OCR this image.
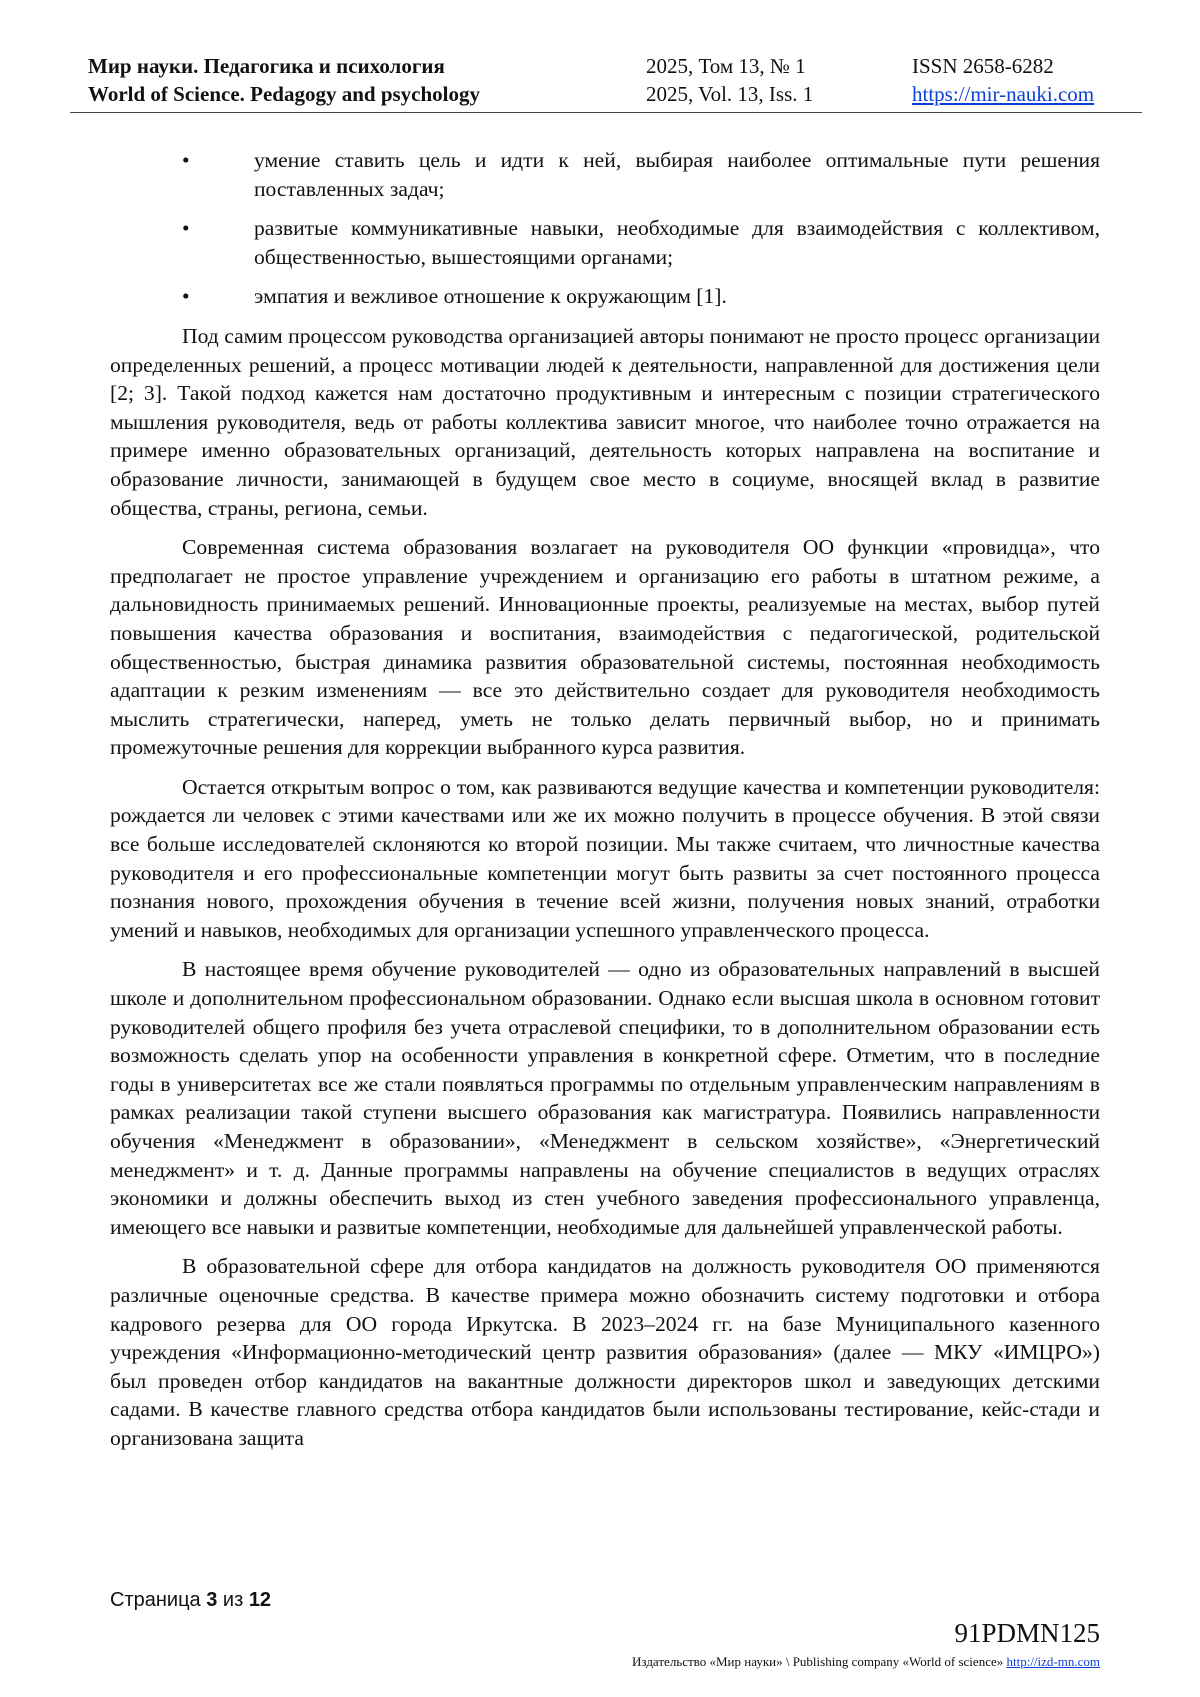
Мир науки. Педагогика и психология
World of Science. Pedagogy and psychology
2025, Том 13, № 1
2025, Vol. 13, Iss. 1
ISSN 2658-6282
https://mir-nauki.com
•	умение ставить цель и идти к ней, выбирая наиболее оптимальные пути решения поставленных задач;
•	развитые коммуникативные навыки, необходимые для взаимодействия с коллективом, общественностью, вышестоящими органами;
•	эмпатия и вежливое отношение к окружающим [1].

Под самим процессом руководства организацией авторы понимают не просто процесс организации определенных решений, а процесс мотивации людей к деятельности, направленной для достижения цели [2; 3]. Такой подход кажется нам достаточно продуктивным и интересным с позиции стратегического мышления руководителя, ведь от работы коллектива зависит многое, что наиболее точно отражается на примере именно образовательных организаций, деятельность которых направлена на воспитание и образование личности, занимающей в будущем свое место в социуме, вносящей вклад в развитие общества, страны, региона, семьи.

Современная система образования возлагает на руководителя ОО функции «провидца», что предполагает не простое управление учреждением и организацию его работы в штатном режиме, а дальновидность принимаемых решений. Инновационные проекты, реализуемые на местах, выбор путей повышения качества образования и воспитания, взаимодействия с педагогической, родительской общественностью, быстрая динамика развития образовательной системы, постоянная необходимость адаптации к резким изменениям — все это действительно создает для руководителя необходимость мыслить стратегически, наперед, уметь не только делать первичный выбор, но и принимать промежуточные решения для коррекции выбранного курса развития.

Остается открытым вопрос о том, как развиваются ведущие качества и компетенции руководителя: рождается ли человек с этими качествами или же их можно получить в процессе обучения. В этой связи все больше исследователей склоняются ко второй позиции. Мы также считаем, что личностные качества руководителя и его профессиональные компетенции могут быть развиты за счет постоянного процесса познания нового, прохождения обучения в течение всей жизни, получения новых знаний, отработки умений и навыков, необходимых для организации успешного управленческого процесса.

В настоящее время обучение руководителей — одно из образовательных направлений в высшей школе и дополнительном профессиональном образовании. Однако если высшая школа в основном готовит руководителей общего профиля без учета отраслевой специфики, то в дополнительном образовании есть возможность сделать упор на особенности управления в конкретной сфере. Отметим, что в последние годы в университетах все же стали появляться программы по отдельным управленческим направлениям в рамках реализации такой ступени высшего образования как магистратура. Появились направленности обучения «Менеджмент в образовании», «Менеджмент в сельском хозяйстве», «Энергетический менеджмент» и т. д. Данные программы направлены на обучение специалистов в ведущих отраслях экономики и должны обеспечить выход из стен учебного заведения профессионального управленца, имеющего все навыки и развитые компетенции, необходимые для дальнейшей управленческой работы.

В образовательной сфере для отбора кандидатов на должность руководителя ОО применяются различные оценочные средства. В качестве примера можно обозначить систему подготовки и отбора кадрового резерва для ОО города Иркутска. В 2023–2024 гг. на базе Муниципального казенного учреждения «Информационно-методический центр развития образования» (далее — МКУ «ИМЦРО») был проведен отбор кандидатов на вакантные должности директоров школ и заведующих детскими садами. В качестве главного средства отбора кандидатов были использованы тестирование, кейс-стади и организована защита

Страница 3 из 12
91PDMN125
Издательство «Мир науки» \ Publishing company «World of science» http://izd-mn.com
